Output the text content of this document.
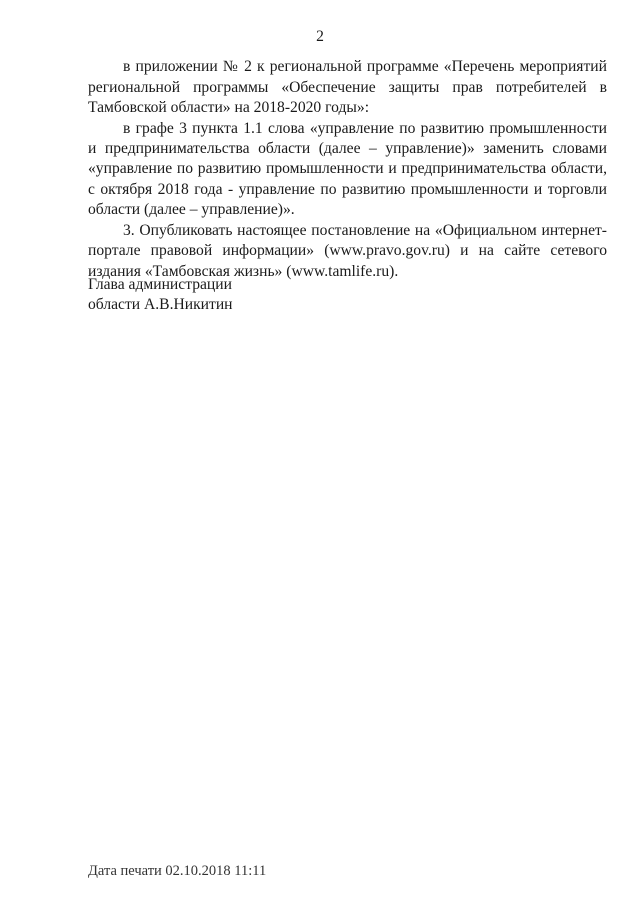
2
в приложении № 2 к региональной программе «Перечень мероприятий
региональной программы «Обеспечение защиты прав потребителей в
Тамбовской области» на 2018-2020 годы»:
в графе 3 пункта 1.1 слова «управление по развитию промышленности
и предпринимательства области (далее – управление)» заменить словами
«управление по развитию промышленности и предпринимательства области,
с октября 2018 года - управление по развитию промышленности и торговли
области (далее – управление)».
3. Опубликовать настоящее постановление на «Официальном интернет-
портале правовой информации» (www.pravo.gov.ru) и на сайте сетевого
издания «Тамбовская жизнь» (www.tamlife.ru).
Глава администрации
области А.В.Никитин
Дата печати 02.10.2018 11:11
